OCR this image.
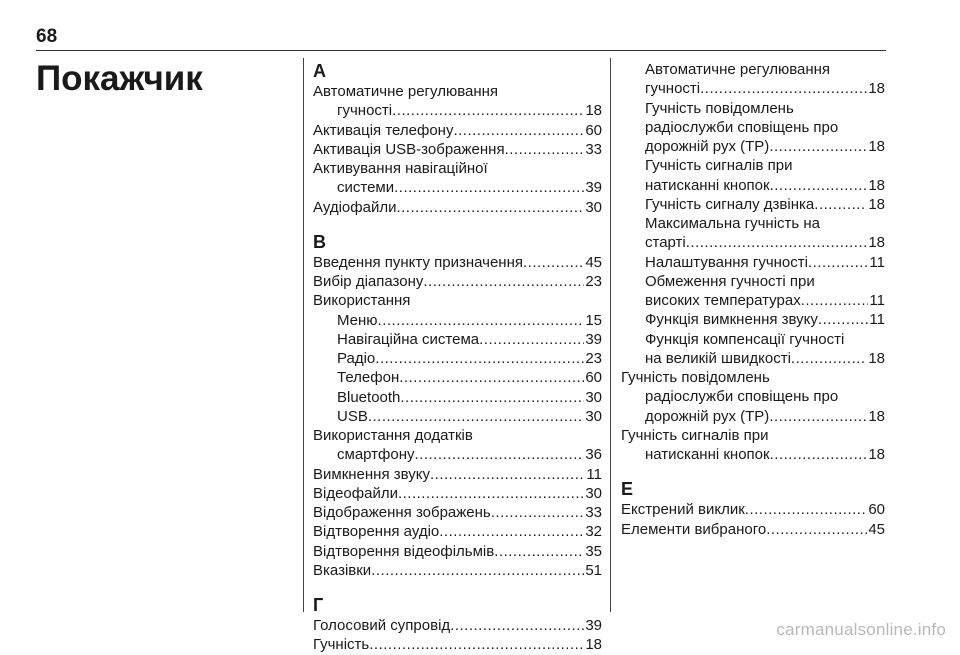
68
Покажчик	А
Автоматичне регулювання
гучності .....	18
Активація телефону .....	60
Активація USB-зображення .....	33
Активування навігаційної
системи .....	39
Аудіофайли .....	30
В
Введення пункту призначення .....	45
Вибір діапазону .....	23
Використання
Меню .....	15
Навігаційна система .....	39
Радіо .....	23
Телефон .....	60
Bluetooth .....	30
USB .....	30
Використання додатків
смартфону .....	36
Вимкнення звуку .....	11
Відеофайли .....	30
Відображення зображень .....	33
Відтворення аудіо .....	32
Відтворення відеофільмів .....	35
Вказівки .....	51
Г
Голосовий супровід .....	39
Гучність .....	18
Автоматичне регулювання
гучності .....	18
Гучність повідомлень
радіослужби сповіщень про
дорожній рух (TP) .....	18
Гучність сигналів при
натисканні кнопок .....	18
Гучність сигналу дзвінка .....	18
Максимальна гучність на
старті .....	18
Налаштування гучності .....	11
Обмеження гучності при
високих температурах .....	11
Функція вимкнення звуку .....	11
Функція компенсації гучності
на великій швидкості .....	18
Гучність повідомлень
радіослужби сповіщень про
дорожній рух (TP) .....	18
Гучність сигналів при
натисканні кнопок .....	18
Е
Екстрений виклик .....	60
Елементи вибраного .....	45
carmanualsonline.info
